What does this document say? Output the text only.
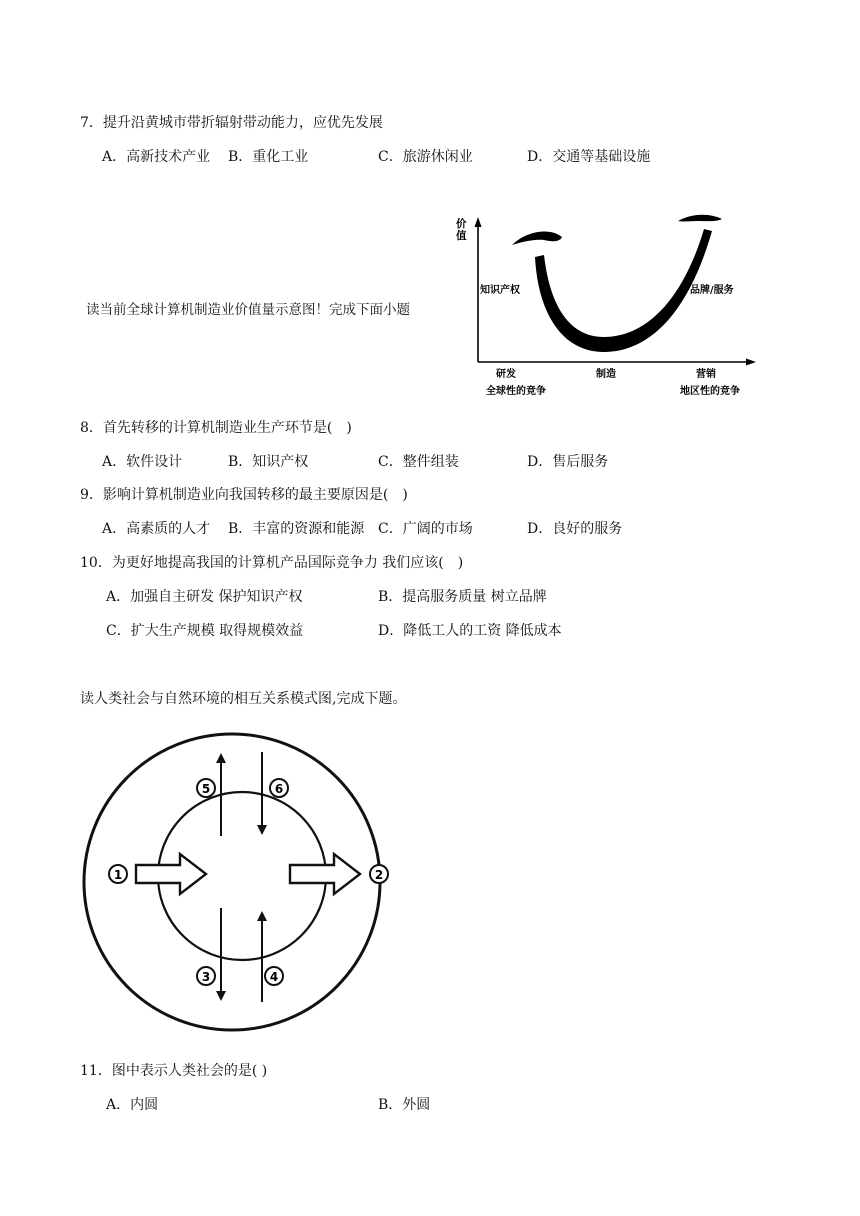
7．提升沿黄城市带折辐射带动能力，应优先发展
A．高新技术产业 B．重化工业	C．旅游休闲业	D．交通等基础设施
读当前全球计算机制造业价值量示意图！完成下面小题
价 值
知识产权	品牌/服务
研发	制造	营销
全球性的竞争	地区性的竞争
8．首先转移的计算机制造业生产环节是(　)
A．软件设计	B．知识产权	C．整件组装	D．售后服务
9．影响计算机制造业向我国转移的最主要原因是(　)
A．高素质的人才 B．丰富的资源和能源 C．广阔的市场	D．良好的服务
10．为更好地提高我国的计算机产品国际竞争力 我们应该(　)
A．加强自主研发 保护知识产权	B．提高服务质量 树立品牌
C．扩大生产规模 取得规模效益	D．降低工人的工资 降低成本
读人类社会与自然环境的相互关系模式图,完成下题。
1	2
5	6
3	4
11．图中表示人类社会的是( )
A．内圆	B．外圆
